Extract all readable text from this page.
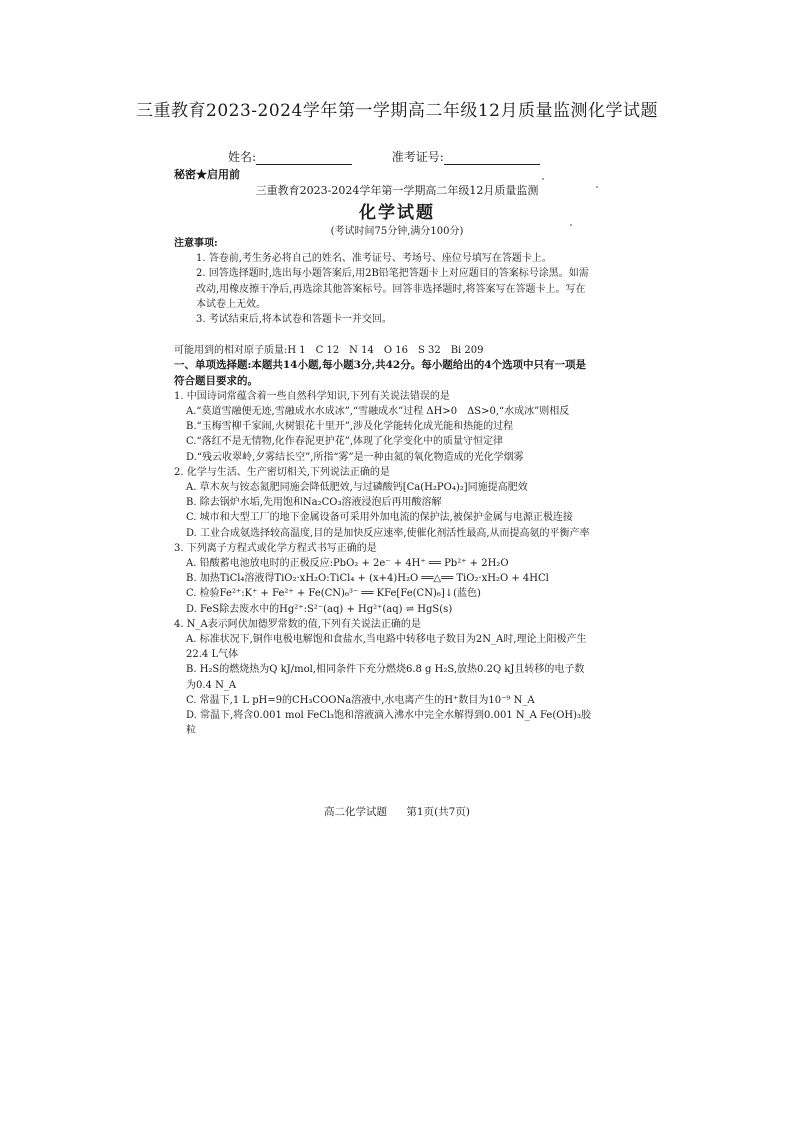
三重教育2023-2024学年第一学期高二年级12月质量监测化学试题
姓名:	准考证号:
秘密★启用前
三重教育2023-2024学年第一学期高二年级12月质量监测
化学试题
(考试时间75分钟,满分100分)

注意事项:

1. 答卷前,考生务必将自己的姓名、准考证号、考场号、座位号填写在答题卡上。

2. 回答选择题时,选出每小题答案后,用2B铅笔把答题卡上对应题目的答案标号涂黑。如需改动,用橡皮擦干净后,再选涂其他答案标号。回答非选择题时,将答案写在答题卡上。写在本试卷上无效。

3. 考试结束后,将本试卷和答题卡一并交回。

可能用到的相对原子质量:H 1　C 12　N 14　O 16　S 32　Bi 209

一、单项选择题:本题共14小题,每小题3分,共42分。每小题给出的4个选项中只有一项是符合题目要求的。

1. 中国诗词常蕴含着一些自然科学知识,下列有关说法错误的是

A.“莫道雪融便无迹,雪融成水水成冰”,“雪融成水”过程 ΔH>0　ΔS>0,“水成冰”则相反

B.“玉梅雪柳千家闹,火树银花十里开”,涉及化学能转化成光能和热能的过程

C.“落红不是无情物,化作春泥更护花”,体现了化学变化中的质量守恒定律

D.“残云收翠岭,夕雾结长空”,所指“雾”是一种由氮的氧化物造成的光化学烟雾

2. 化学与生活、生产密切相关,下列说法正确的是

A. 草木灰与铵态氮肥同施会降低肥效,与过磷酸钙[Ca(H₂PO₄)₂]同施提高肥效

B. 除去锅炉水垢,先用饱和Na₂CO₃溶液浸泡后再用酸溶解

C. 城市和大型工厂的地下金属设备可采用外加电流的保护法,被保护金属与电源正极连接

D. 工业合成氨选择较高温度,目的是加快反应速率,使催化剂活性最高,从而提高氨的平衡产率

3. 下列离子方程式或化学方程式书写正确的是

A. 铅酸蓄电池放电时的正极反应:PbO₂ + 2e⁻ + 4H⁺ ══ Pb²⁺ + 2H₂O

B. 加热TiCl₄溶液得TiO₂·xH₂O:TiCl₄ + (x+4)H₂O ══△══ TiO₂·xH₂O + 4HCl

C. 检验Fe²⁺:K⁺ + Fe²⁺ + Fe(CN)₆³⁻ ══ KFe[Fe(CN)₆]↓(蓝色)

D. FeS除去废水中的Hg²⁺:S²⁻(aq) + Hg²⁺(aq) ⇌ HgS(s)

4. N_A表示阿伏加德罗常数的值,下列有关说法正确的是

A. 标准状况下,铜作电极电解饱和食盐水,当电路中转移电子数目为2N_A时,理论上阳极产生22.4 L气体

B. H₂S的燃烧热为Q kJ/mol,相同条件下充分燃烧6.8 g H₂S,放热0.2Q kJ且转移的电子数为0.4 N_A

C. 常温下,1 L pH=9的CH₃COONa溶液中,水电离产生的H⁺数目为10⁻⁹ N_A

D. 常温下,将含0.001 mol FeCl₃饱和溶液滴入沸水中完全水解得到0.001 N_A Fe(OH)₃胶粒

高二化学试题 第1页(共7页)
